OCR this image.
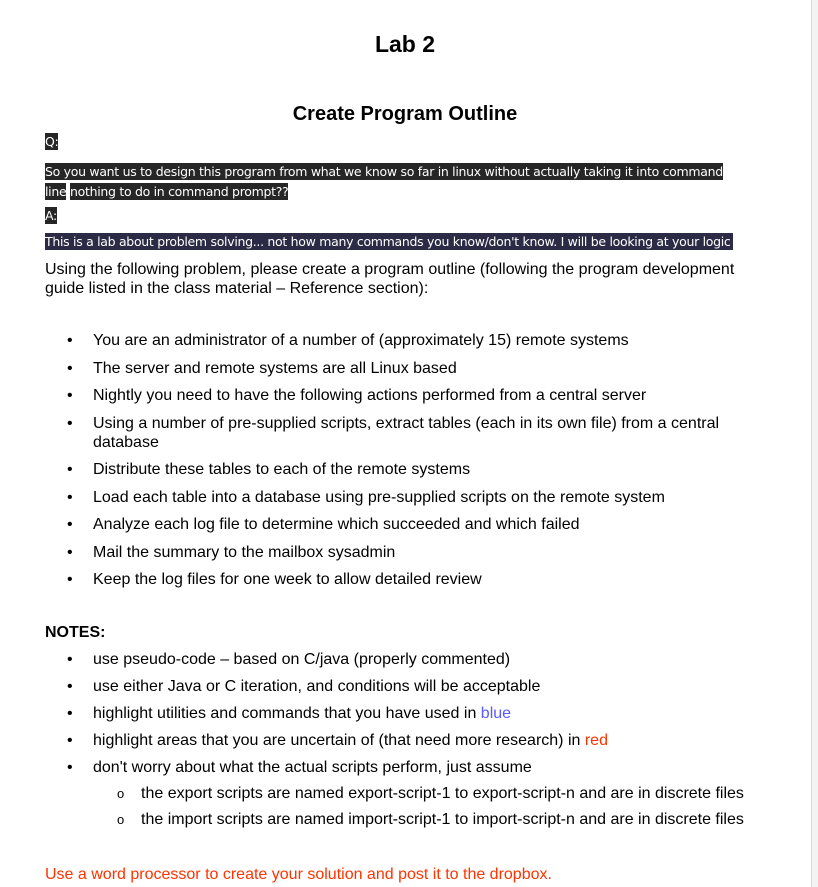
Lab 2
Create Program Outline
Q:
So you want us to design this program from what we know so far in linux without actually taking it into command
line nothing to do in command prompt??
A:
This is a lab about problem solving... not how many commands you know/don't know. I will be looking at your logic
Using the following problem, please create a program outline (following the program development guide listed in the class material – Reference section):
• You are an administrator of a number of (approximately 15) remote systems
• The server and remote systems are all Linux based
• Nightly you need to have the following actions performed from a central server
• Using a number of pre-supplied scripts, extract tables (each in its own file) from a central database
• Distribute these tables to each of the remote systems
• Load each table into a database using pre-supplied scripts on the remote system
• Analyze each log file to determine which succeeded and which failed
• Mail the summary to the mailbox sysadmin
• Keep the log files for one week to allow detailed review
NOTES:
• use pseudo-code – based on C/java (properly commented)
• use either Java or C iteration, and conditions will be acceptable
• highlight utilities and commands that you have used in blue
• highlight areas that you are uncertain of (that need more research) in red
• don't worry about what the actual scripts perform, just assume
o the export scripts are named export-script-1 to export-script-n and are in discrete files
o the import scripts are named import-script-1 to import-script-n and are in discrete files
Use a word processor to create your solution and post it to the dropbox.
